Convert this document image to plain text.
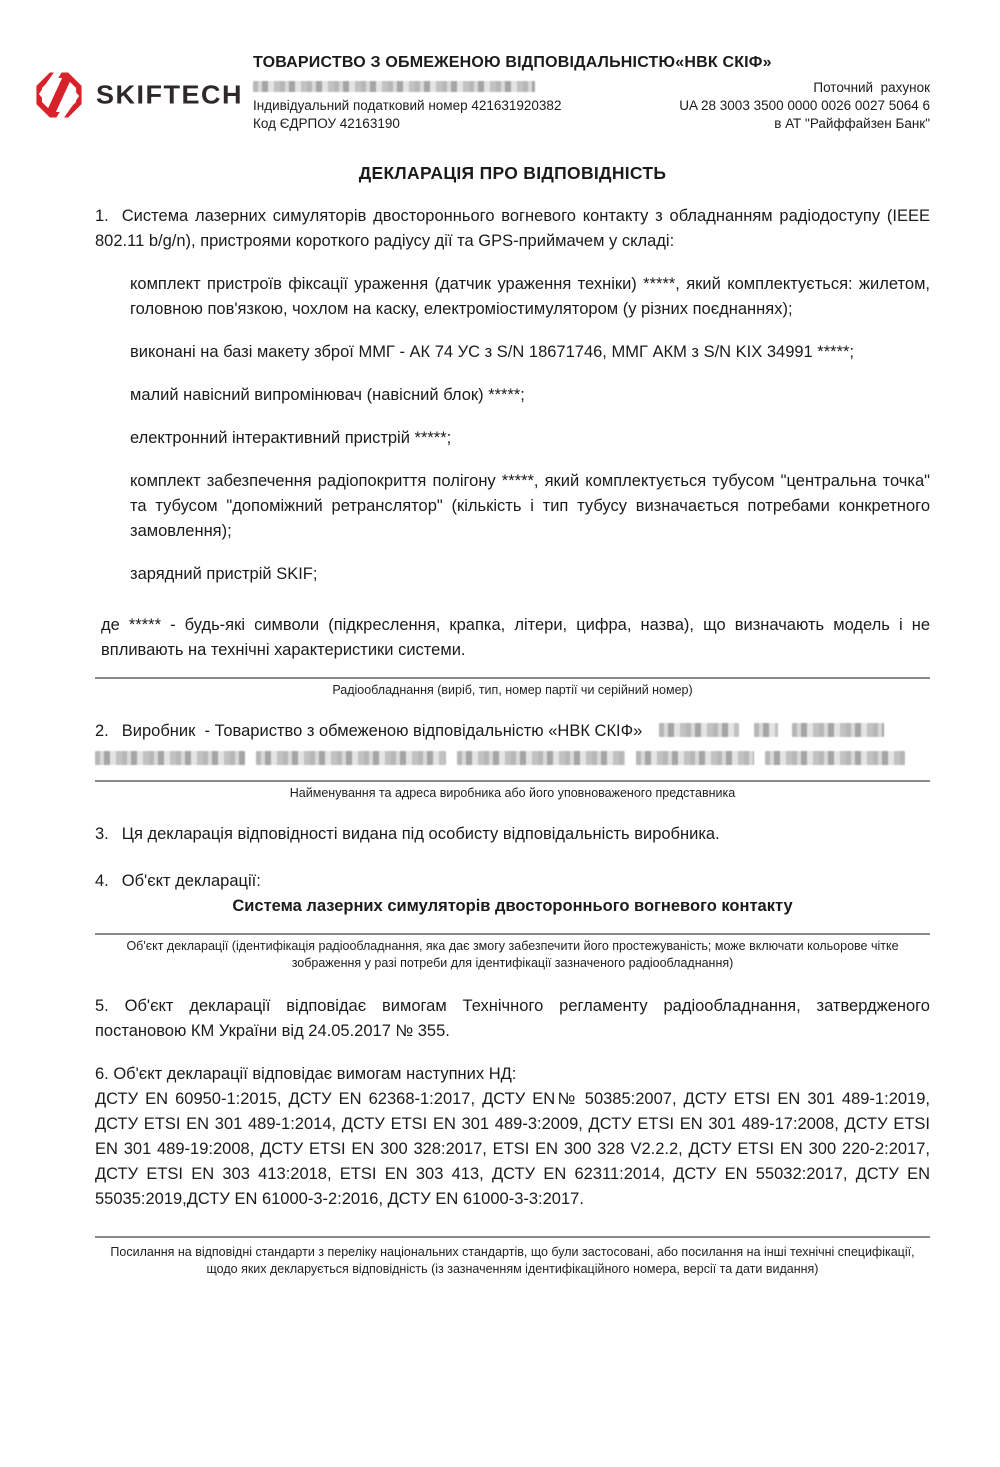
SKIFTECH
ТОВАРИСТВО З ОБМЕЖЕНОЮ ВІДПОВІДАЛЬНІСТЮ«НВК СКІФ»
Індивідуальний податковий номер 421631920382
Код ЄДРПОУ 42163190
Поточний  рахунок
UA 28 3003 3500 0000 0026 0027 5064 6
в АТ "Райффайзен Банк"
ДЕКЛАРАЦІЯ ПРО ВІДПОВІДНІСТЬ
1. Система лазерних симуляторів двостороннього вогневого контакту з обладнанням радіодоступу (ІЕЕЕ 802.11 b/g/n), пристроями короткого радіусу дії та GPS-приймачем у складі:
комплект пристроїв фіксації ураження (датчик ураження техніки) *****, який комплектується: жилетом, головною пов'язкою, чохлом на каску, електроміостимулятором (у різних поєднаннях);
виконані на базі макету зброї ММГ - АК 74 УС з S/N 18671746, ММГ АКМ з S/N KIX 34991 *****;
малий навісний випромінювач (навісний блок) *****;
електронний інтерактивний пристрій *****;
комплект забезпечення радіопокриття полігону *****, який комплектується тубусом "центральна точка" та тубусом "допоміжний ретранслятор" (кількість і тип тубусу визначається потребами конкретного замовлення);
зарядний пристрій SKIF;
де ***** - будь-які символи (підкреслення, крапка, літери, цифра, назва), що визначають модель і не впливають на технічні характеристики системи.
Радіообладнання (виріб, тип, номер партії чи серійний номер)
2. Виробник  - Товариство з обмеженою відповідальністю «НВК СКІФ»
Найменування та адреса виробника або його уповноваженого представника
3. Ця декларація відповідності видана під особисту відповідальність виробника.
4. Об'єкт декларації:
Система лазерних симуляторів двостороннього вогневого контакту
Об'єкт декларації (ідентифікація радіообладнання, яка дає змогу забезпечити його простежуваність; може включати кольорове чітке зображення у разі потреби для ідентифікації зазначеного радіообладнання)
5. Об'єкт декларації відповідає вимогам Технічного регламенту радіообладнання, затвердженого постановою КМ України від 24.05.2017 № 355.
6. Об'єкт декларації відповідає вимогам наступних НД:
ДСТУ EN 60950-1:2015, ДСТУ EN 62368-1:2017, ДСТУ EN№ 50385:2007, ДСТУ ETSI EN 301 489-1:2019, ДСТУ ETSI EN 301 489-1:2014, ДСТУ ETSI EN 301 489-3:2009, ДСТУ ETSI EN 301 489-17:2008, ДСТУ ETSI EN 301 489-19:2008, ДСТУ ETSI EN 300 328:2017, ETSI EN 300 328 V2.2.2, ДСТУ ETSI EN 300 220-2:2017, ДСТУ ETSI EN 303 413:2018, ETSI EN 303 413, ДСТУ EN 62311:2014, ДСТУ EN 55032:2017, ДСТУ EN 55035:2019,ДСТУ EN 61000-3-2:2016, ДСТУ EN 61000-3-3:2017.
Посилання на відповідні стандарти з переліку національних стандартів, що були застосовані, або посилання на інші технічні специфікації, щодо яких декларується відповідність (із зазначенням ідентифікаційного номера, версії та дати видання)
